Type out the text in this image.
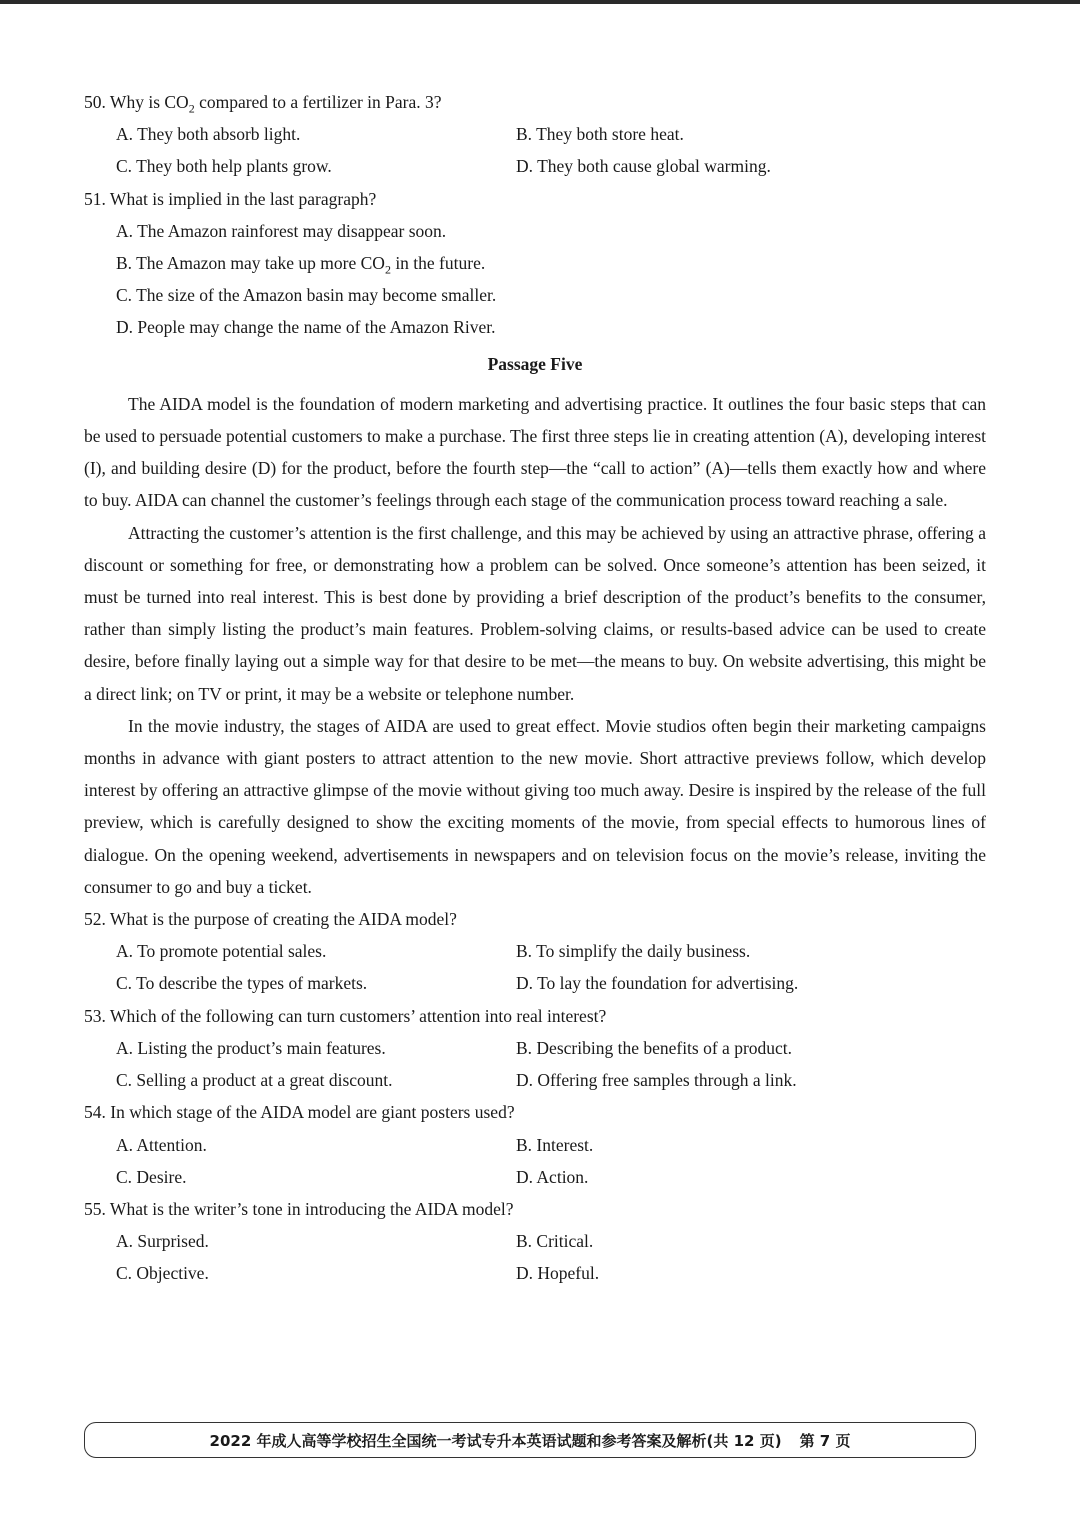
50. Why is $CO_2$ compared to a fertilizer in Para. 3?

A. They both absorb light.	B. They both store heat.
C. They both help plants grow.	D. They both cause global warming.

51. What is implied in the last paragraph?

A. The Amazon rainforest may disappear soon.
B. The Amazon may take up more $CO_2$ in the future.
C. The size of the Amazon basin may become smaller.
D. People may change the name of the Amazon River.
Passage Five

The AIDA model is the foundation of modern marketing and advertising practice. It outlines the four basic steps that can be used to persuade potential customers to make a purchase. The first three steps lie in creating attention (A), developing interest (I), and building desire (D) for the product, before the fourth step—the “call to action” (A)—tells them exactly how and where to buy. AIDA can channel the customer’s feelings through each stage of the communication process toward reaching a sale.

Attracting the customer’s attention is the first challenge, and this may be achieved by using an attractive phrase, offering a discount or something for free, or demonstrating how a problem can be solved. Once someone’s attention has been seized, it must be turned into real interest. This is best done by providing a brief description of the product’s benefits to the consumer, rather than simply listing the product’s main features. Problem-solving claims, or results-based advice can be used to create desire, before finally laying out a simple way for that desire to be met—the means to buy. On website advertising, this might be a direct link; on TV or print, it may be a website or telephone number.

In the movie industry, the stages of AIDA are used to great effect. Movie studios often begin their marketing campaigns months in advance with giant posters to attract attention to the new movie. Short attractive previews follow, which develop interest by offering an attractive glimpse of the movie without giving too much away. Desire is inspired by the release of the full preview, which is carefully designed to show the exciting moments of the movie, from special effects to humorous lines of dialogue. On the opening weekend, advertisements in newspapers and on television focus on the movie’s release, inviting the consumer to go and buy a ticket.

52. What is the purpose of creating the AIDA model?

A. To promote potential sales.	B. To simplify the daily business.
C. To describe the types of markets.	D. To lay the foundation for advertising.

53. Which of the following can turn customers’ attention into real interest?

A. Listing the product’s main features.	B. Describing the benefits of a product.
C. Selling a product at a great discount.	D. Offering free samples through a link.

54. In which stage of the AIDA model are giant posters used?

A. Attention.	B. Interest.
C. Desire.	D. Action.

55. What is the writer’s tone in introducing the AIDA model?

A. Surprised.	B. Critical.
C. Objective.	D. Hopeful.
2022 年成人高等学校招生全国统一考试专升本英语试题和参考答案及解析(共 12 页) 第 7 页
